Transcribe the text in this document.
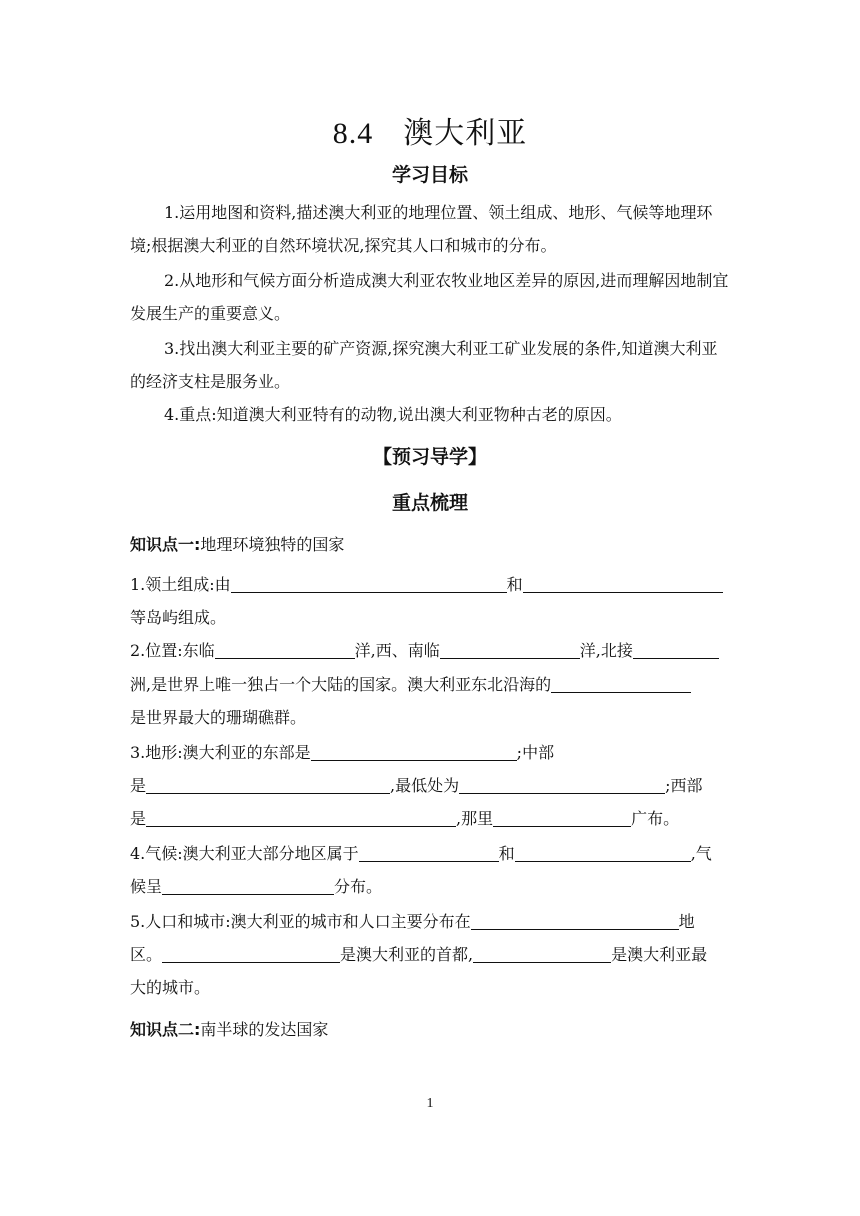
8.4 澳大利亚
学习目标
1.运用地图和资料,描述澳大利亚的地理位置、领土组成、地形、气候等地理环境;根据澳大利亚的自然环境状况,探究其人口和城市的分布。
2.从地形和气候方面分析造成澳大利亚农牧业地区差异的原因,进而理解因地制宜发展生产的重要意义。
3.找出澳大利亚主要的矿产资源,探究澳大利亚工矿业发展的条件,知道澳大利亚的经济支柱是服务业。
4.重点:知道澳大利亚特有的动物,说出澳大利亚物种古老的原因。
【预习导学】
重点梳理
知识点一:地理环境独特的国家
1.领土组成:由	和
等岛屿组成。
2.位置:东临	洋,西、南临	洋,北接
洲,是世界上唯一独占一个大陆的国家。澳大利亚东北沿海的
是世界最大的珊瑚礁群。
3.地形:澳大利亚的东部是	;中部
是	,最低处为	;西部
是	,那里	广布。
4.气候:澳大利亚大部分地区属于	和	,气
候呈	分布。
5.人口和城市:澳大利亚的城市和人口主要分布在	地
区。	是澳大利亚的首都,	是澳大利亚最
大的城市。
知识点二:南半球的发达国家
1
